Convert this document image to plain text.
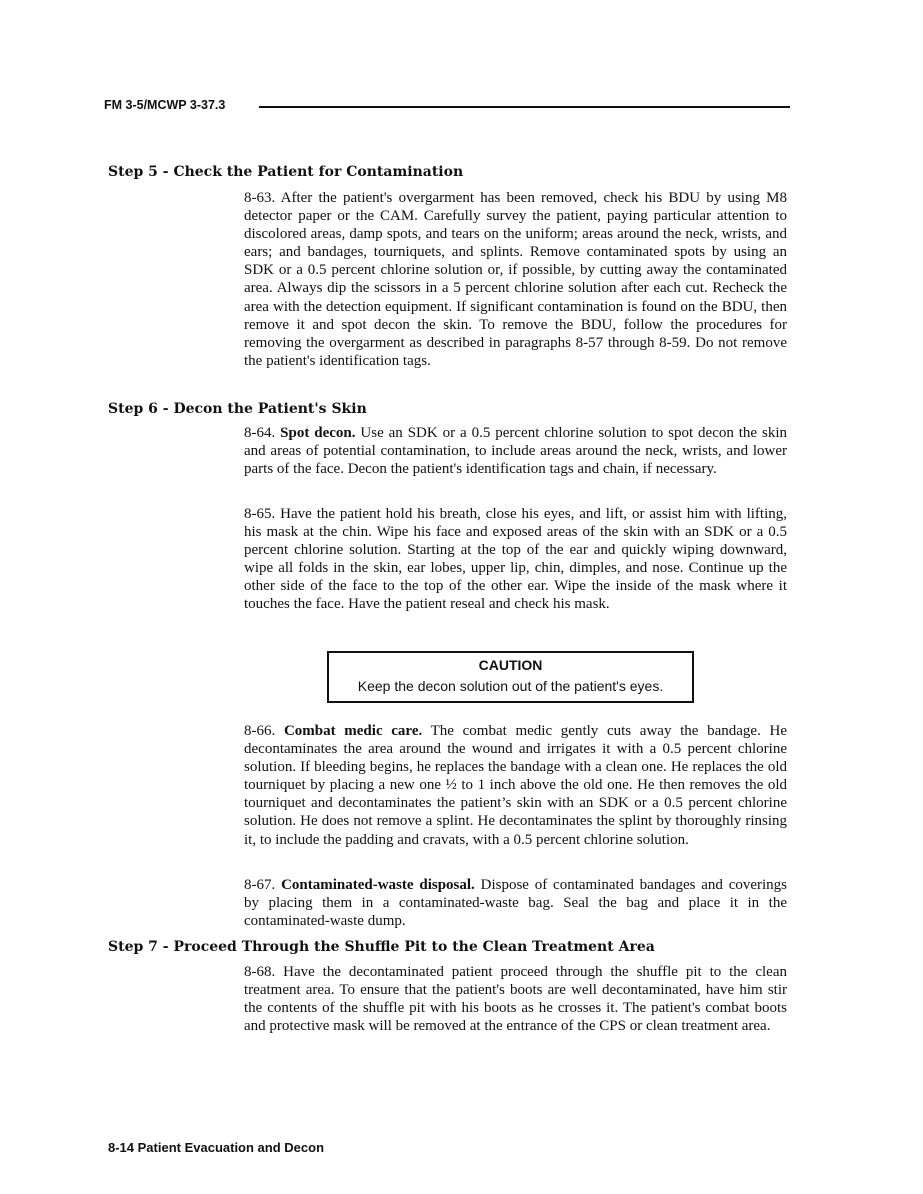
FM 3-5/MCWP 3-37.3
Step 5 - Check the Patient for Contamination

8-63. After the patient's overgarment has been removed, check his BDU by using M8 detector paper or the CAM. Carefully survey the patient, paying particular attention to discolored areas, damp spots, and tears on the uniform; areas around the neck, wrists, and ears; and bandages, tourniquets, and splints. Remove contaminated spots by using an SDK or a 0.5 percent chlorine solution or, if possible, by cutting away the contaminated area. Always dip the scissors in a 5 percent chlorine solution after each cut. Recheck the area with the detection equipment. If significant contamination is found on the BDU, then remove it and spot decon the skin. To remove the BDU, follow the procedures for removing the overgarment as described in paragraphs 8-57 through 8-59. Do not remove the patient's identification tags.

Step 6 - Decon the Patient's Skin

8-64. Spot decon. Use an SDK or a 0.5 percent chlorine solution to spot decon the skin and areas of potential contamination, to include areas around the neck, wrists, and lower parts of the face. Decon the patient's identification tags and chain, if necessary.

8-65. Have the patient hold his breath, close his eyes, and lift, or assist him with lifting, his mask at the chin. Wipe his face and exposed areas of the skin with an SDK or a 0.5 percent chlorine solution. Starting at the top of the ear and quickly wiping downward, wipe all folds in the skin, ear lobes, upper lip, chin, dimples, and nose. Continue up the other side of the face to the top of the other ear. Wipe the inside of the mask where it touches the face. Have the patient reseal and check his mask.

CAUTION
Keep the decon solution out of the patient's eyes.

8-66. Combat medic care. The combat medic gently cuts away the bandage. He decontaminates the area around the wound and irrigates it with a 0.5 percent chlorine solution. If bleeding begins, he replaces the bandage with a clean one. He replaces the old tourniquet by placing a new one ½ to 1 inch above the old one. He then removes the old tourniquet and decontaminates the patient’s skin with an SDK or a 0.5 percent chlorine solution. He does not remove a splint. He decontaminates the splint by thoroughly rinsing it, to include the padding and cravats, with a 0.5 percent chlorine solution.

8-67. Contaminated-waste disposal. Dispose of contaminated bandages and coverings by placing them in a contaminated-waste bag. Seal the bag and place it in the contaminated-waste dump.

Step 7 - Proceed Through the Shuffle Pit to the Clean Treatment Area

8-68. Have the decontaminated patient proceed through the shuffle pit to the clean treatment area. To ensure that the patient's boots are well decontaminated, have him stir the contents of the shuffle pit with his boots as he crosses it. The patient's combat boots and protective mask will be removed at the entrance of the CPS or clean treatment area.

8-14 Patient Evacuation and Decon
